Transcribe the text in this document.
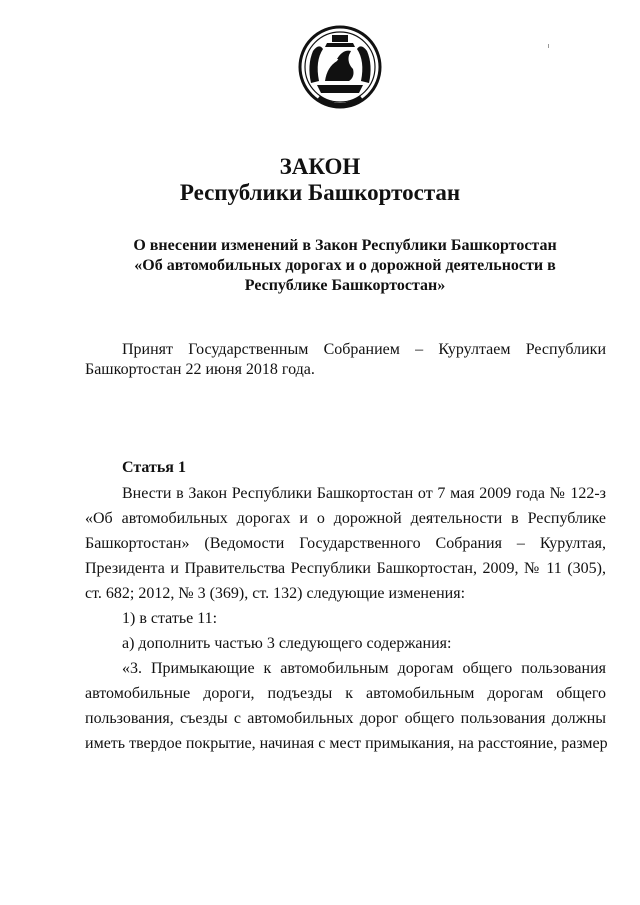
ЗАКОН
Республики Башкортостан
О внесении изменений в Закон Республики Башкортостан
«Об автомобильных дорогах и о дорожной деятельности в
Республике Башкортостан»
Принят Государственным Собранием – Курултаем Республики
Башкортостан 22 июня 2018 года.
Статья 1
Внести в Закон Республики Башкортостан от 7 мая 2009 года № 122-з
«Об автомобильных дорогах и о дорожной деятельности в Республике
Башкортостан» (Ведомости Государственного Собрания – Курултая,
Президента и Правительства Республики Башкортостан, 2009, № 11 (305),
ст. 682; 2012, № 3 (369), ст. 132) следующие изменения:
1) в статье 11:
а) дополнить частью 3 следующего содержания:
«3. Примыкающие к автомобильным дорогам общего пользования
автомобильные дороги, подъезды к автомобильным дорогам общего
пользования, съезды с автомобильных дорог общего пользования должны
иметь твердое покрытие, начиная с мест примыкания, на расстояние, размер
